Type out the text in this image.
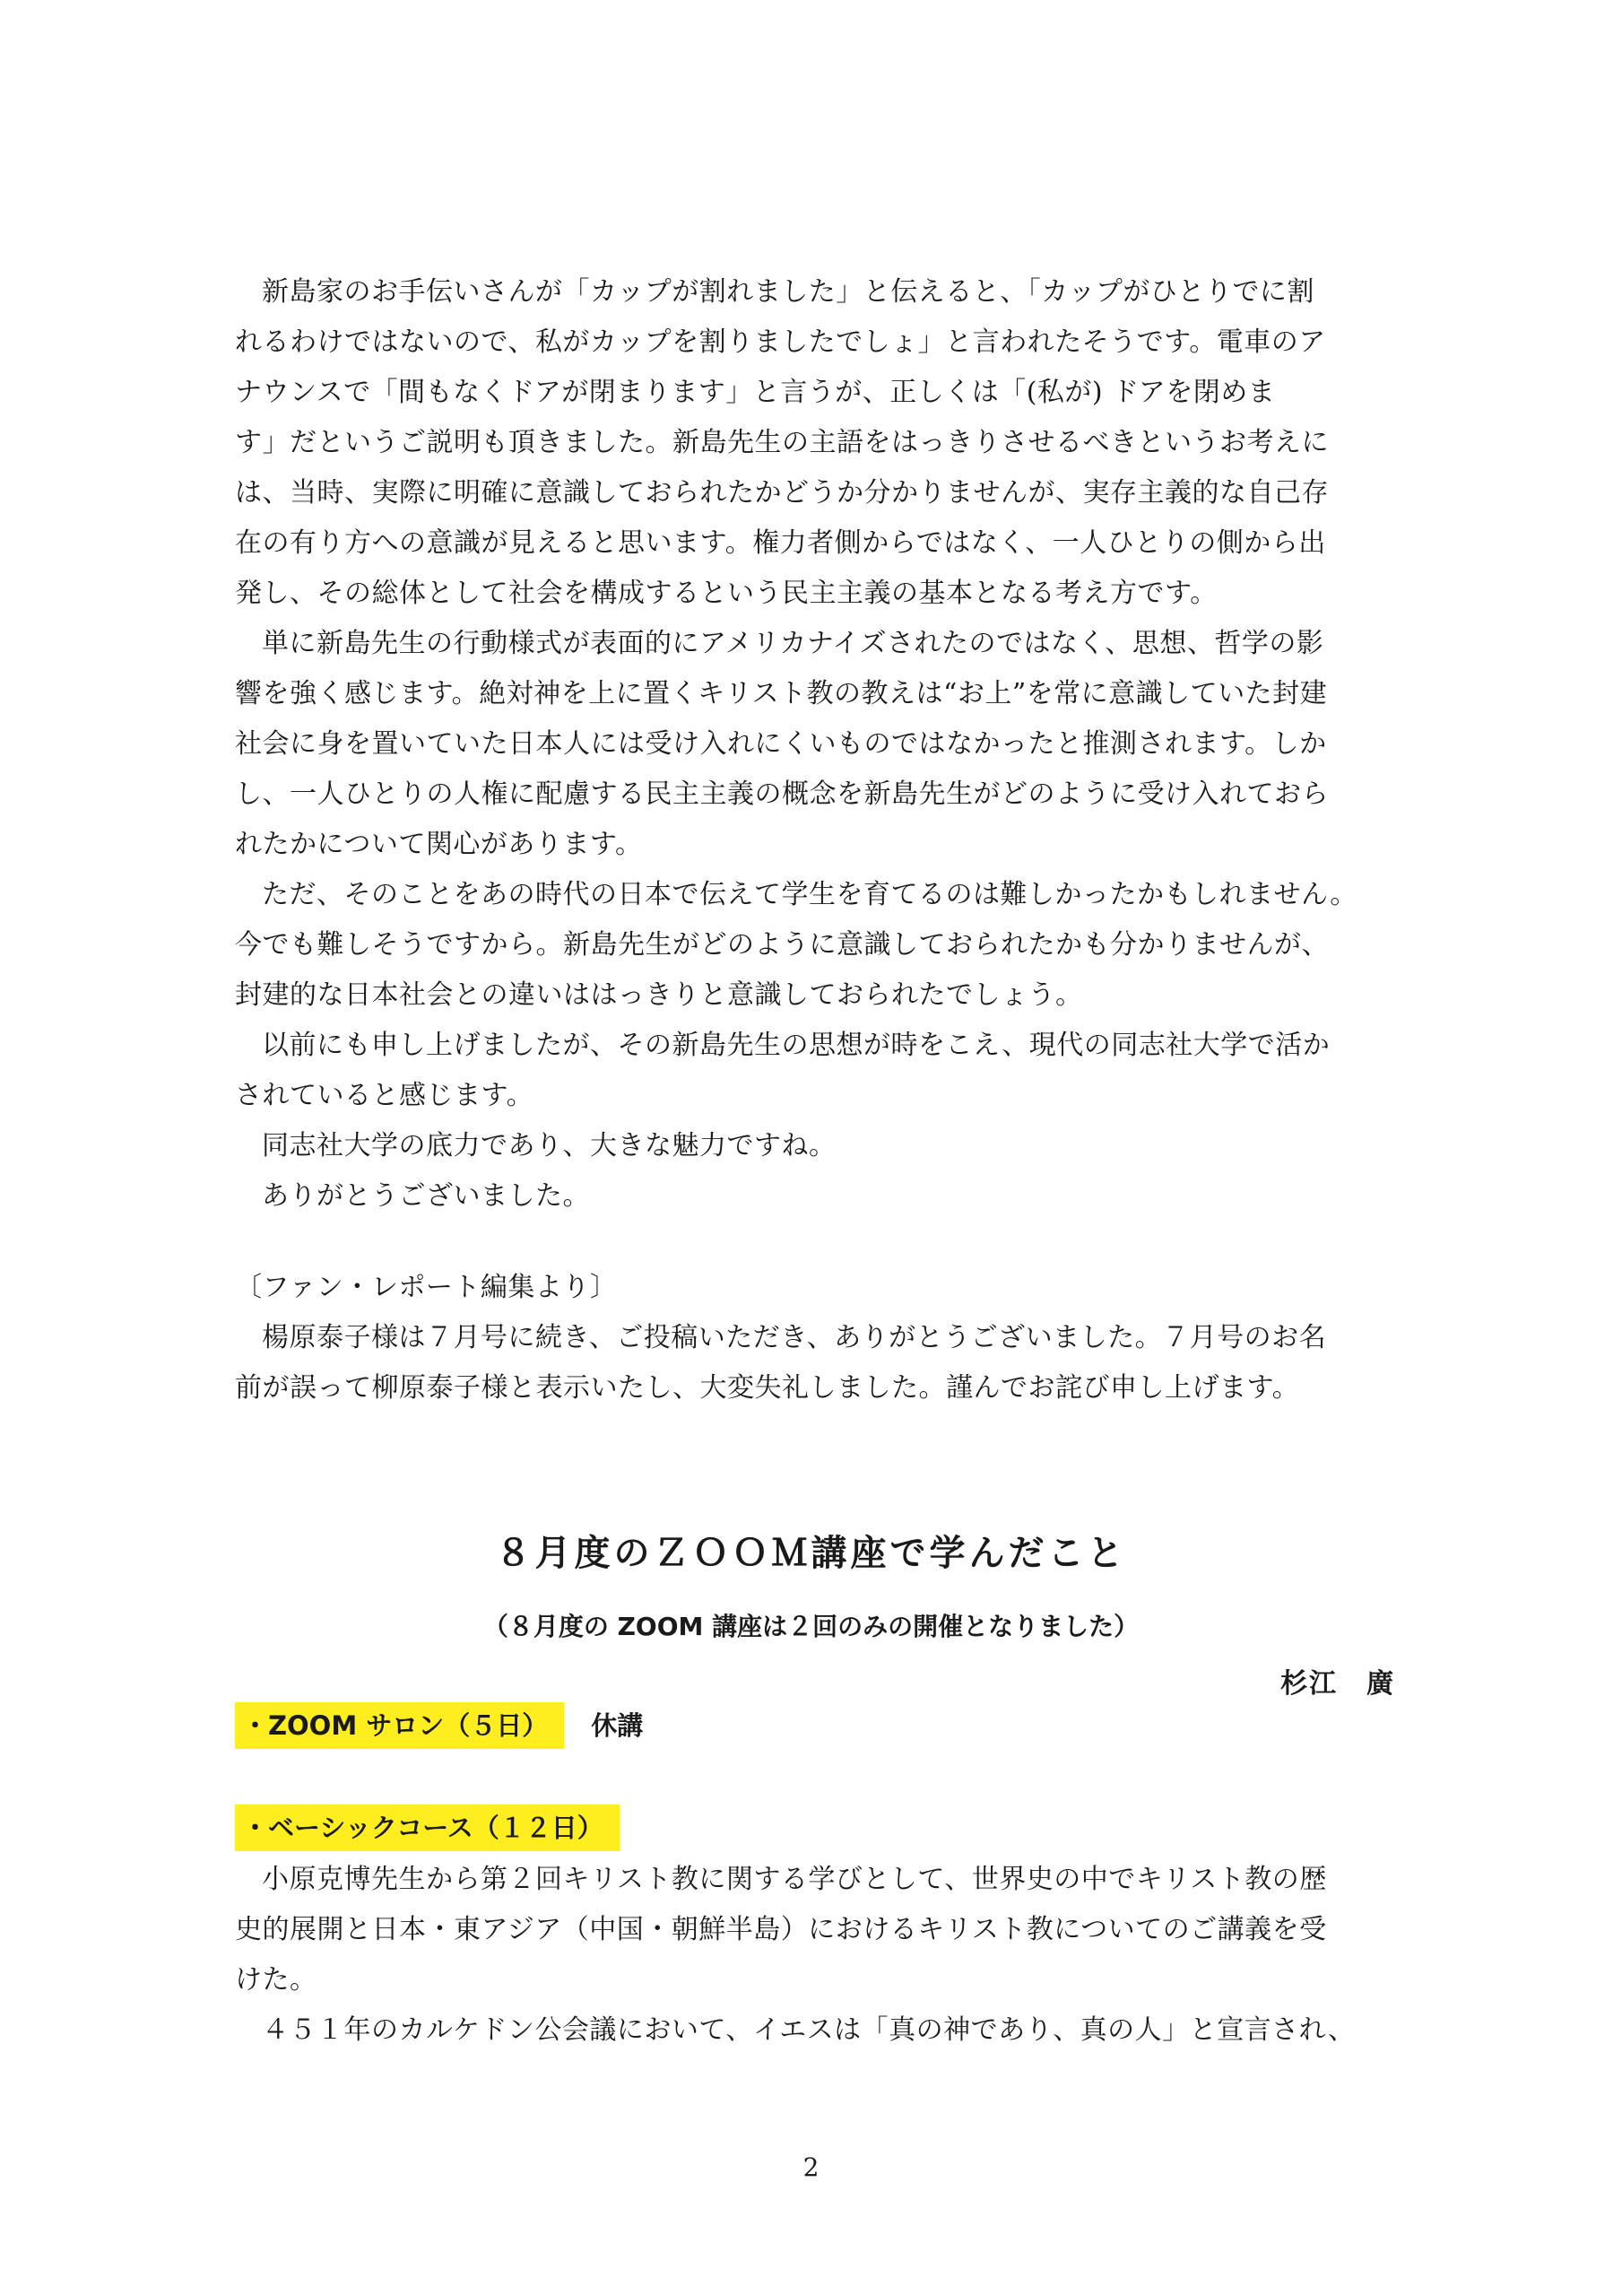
新島家のお手伝いさんが「カップが割れました」と伝えると、「カップがひとりでに割
れるわけではないので、私がカップを割りましたでしょ」と言われたそうです。電車のア
ナウンスで「間もなくドアが閉まります」と言うが、正しくは「(私が) ドアを閉めま
す」だというご説明も頂きました。新島先生の主語をはっきりさせるべきというお考えに
は、当時、実際に明確に意識しておられたかどうか分かりませんが、実存主義的な自己存
在の有り方への意識が見えると思います。権力者側からではなく、一人ひとりの側から出
発し、その総体として社会を構成するという民主主義の基本となる考え方です。
単に新島先生の行動様式が表面的にアメリカナイズされたのではなく、思想、哲学の影
響を強く感じます。絶対神を上に置くキリスト教の教えは“お上”を常に意識していた封建
社会に身を置いていた日本人には受け入れにくいものではなかったと推測されます。しか
し、一人ひとりの人権に配慮する民主主義の概念を新島先生がどのように受け入れておら
れたかについて関心があります。
ただ、そのことをあの時代の日本で伝えて学生を育てるのは難しかったかもしれません。
今でも難しそうですから。新島先生がどのように意識しておられたかも分かりませんが、
封建的な日本社会との違いははっきりと意識しておられたでしょう。
以前にも申し上げましたが、その新島先生の思想が時をこえ、現代の同志社大学で活か
されていると感じます。
同志社大学の底力であり、大きな魅力ですね。
ありがとうございました。
〔ファン・レポート編集より〕
楊原泰子様は７月号に続き、ご投稿いただき、ありがとうございました。７月号のお名
前が誤って柳原泰子様と表示いたし、大変失礼しました。謹んでお詫び申し上げます。
８月度のＺＯＯＭ講座で学んだこと
（８月度の ZOOM 講座は２回のみの開催となりました）
杉江　廣
・ZOOM サロン（５日） 休講
・ベーシックコース（１２日）
小原克博先生から第２回キリスト教に関する学びとして、世界史の中でキリスト教の歴
史的展開と日本・東アジア（中国・朝鮮半島）におけるキリスト教についてのご講義を受
けた。
４５１年のカルケドン公会議において、イエスは「真の神であり、真の人」と宣言され、
2
